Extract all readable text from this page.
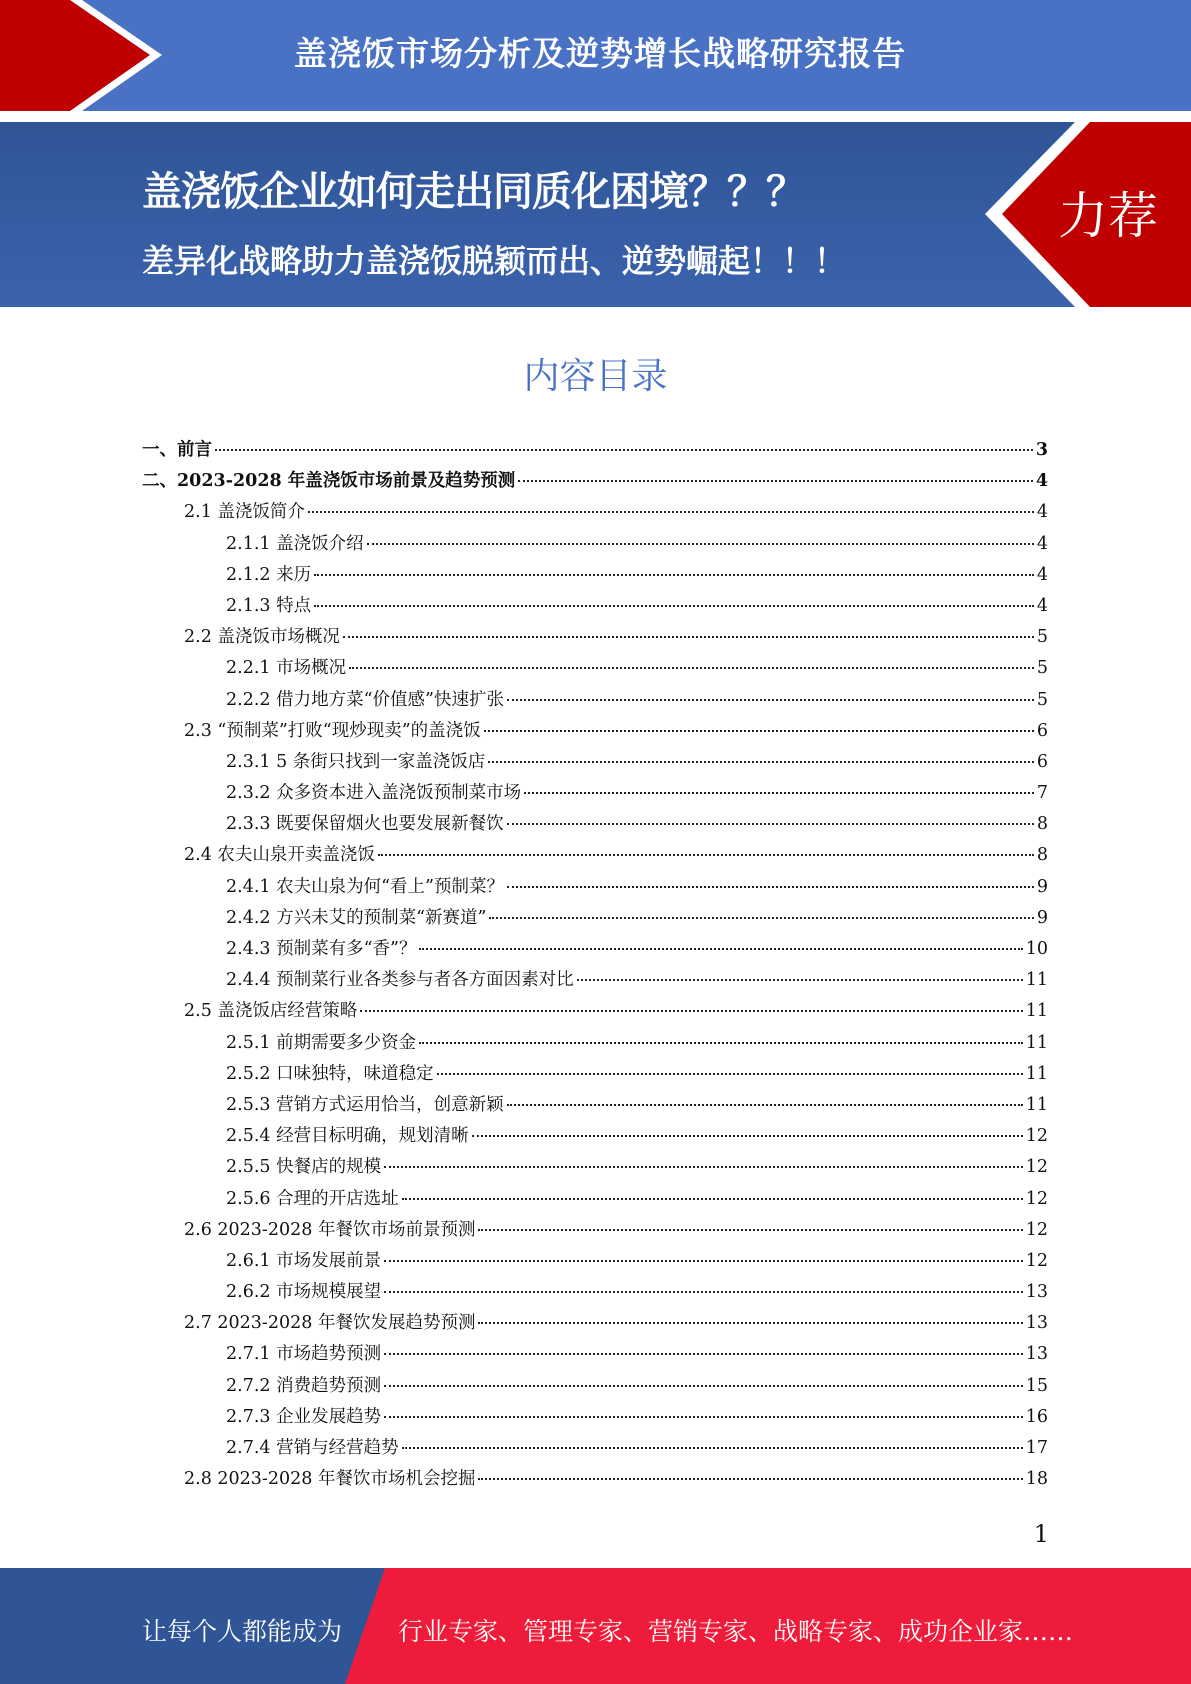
盖浇饭市场分析及逆势增长战略研究报告
盖浇饭企业如何走出同质化困境？？？
差异化战略助力盖浇饭脱颖而出、逆势崛起！！！
力荐
内容目录
一、前言	3
二、2023-2028 年盖浇饭市场前景及趋势预测	4
2.1 盖浇饭简介	4
2.1.1 盖浇饭介绍	4
2.1.2 来历	4
2.1.3 特点	4
2.2 盖浇饭市场概况	5
2.2.1 市场概况	5
2.2.2 借力地方菜“价值感”快速扩张	5
2.3 “预制菜”打败“现炒现卖”的盖浇饭	6
2.3.1 5 条街只找到一家盖浇饭店	6
2.3.2 众多资本进入盖浇饭预制菜市场	7
2.3.3 既要保留烟火也要发展新餐饮	8
2.4 农夫山泉开卖盖浇饭	8
2.4.1 农夫山泉为何“看上”预制菜？	9
2.4.2 方兴未艾的预制菜“新赛道”	9
2.4.3 预制菜有多“香”？	10
2.4.4 预制菜行业各类参与者各方面因素对比	11
2.5 盖浇饭店经营策略	11
2.5.1 前期需要多少资金	11
2.5.2 口味独特，味道稳定	11
2.5.3 营销方式运用恰当，创意新颖	11
2.5.4 经营目标明确，规划清晰	12
2.5.5 快餐店的规模	12
2.5.6 合理的开店选址	12
2.6 2023-2028 年餐饮市场前景预测	12
2.6.1 市场发展前景	12
2.6.2 市场规模展望	13
2.7 2023-2028 年餐饮发展趋势预测	13
2.7.1 市场趋势预测	13
2.7.2 消费趋势预测	15
2.7.3 企业发展趋势	16
2.7.4 营销与经营趋势	17
2.8 2023-2028 年餐饮市场机会挖掘	18
1
让每个人都能成为 行业专家、管理专家、营销专家、战略专家、成功企业家……
